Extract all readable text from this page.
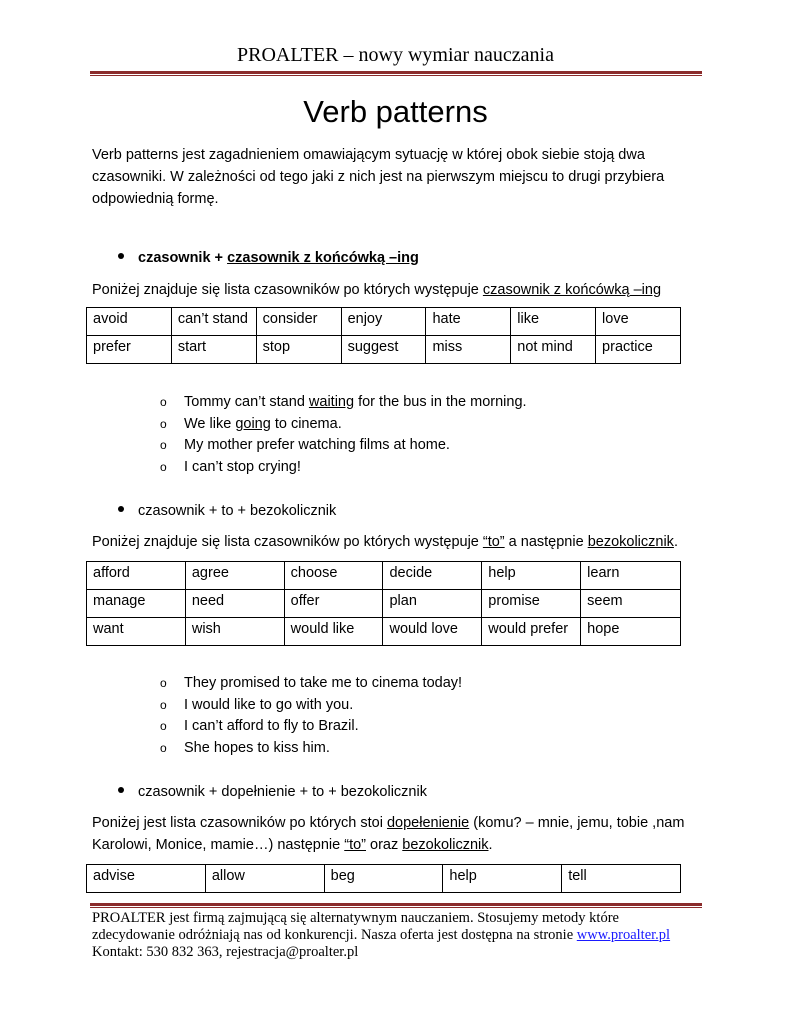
PROALTER – nowy wymiar nauczania
Verb patterns
Verb patterns jest zagadnieniem omawiającym sytuację w której obok siebie stoją dwa czasowniki. W zależności od tego jaki z nich jest na pierwszym miejscu to drugi przybiera odpowiednią formę.
czasownik + czasownik z końcówką –ing
Poniżej znajduje się lista czasowników po których występuje czasownik z końcówką –ing
avoid	can’t stand	consider	enjoy	hate	like	love
prefer	start	stop	suggest	miss	not mind	practice
o Tommy can’t stand waiting for the bus in the morning.
o We like going to cinema.
o My mother prefer watching films at home.
o I can’t stop crying!
czasownik + to + bezokolicznik
Poniżej znajduje się lista czasowników po których występuje “to” a następnie bezokolicznik.
afford	agree	choose	decide	help	learn
manage	need	offer	plan	promise	seem
want	wish	would like	would love	would prefer	hope
o They promised to take me to cinema today!
o I would like to go with you.
o I can’t afford to fly to Brazil.
o She hopes to kiss him.
czasownik + dopełnienie + to + bezokolicznik
Poniżej jest lista czasowników po których stoi dopełenienie (komu? – mnie, jemu, tobie ,nam Karolowi, Monice, mamie…) następnie “to” oraz bezokolicznik.
advise	allow	beg	help	tell
PROALTER jest firmą zajmującą się alternatywnym nauczaniem. Stosujemy metody które
zdecydowanie odróżniają nas od konkurencji. Nasza oferta jest dostępna na stronie www.proalter.pl
Kontakt: 530 832 363, rejestracja@proalter.pl
